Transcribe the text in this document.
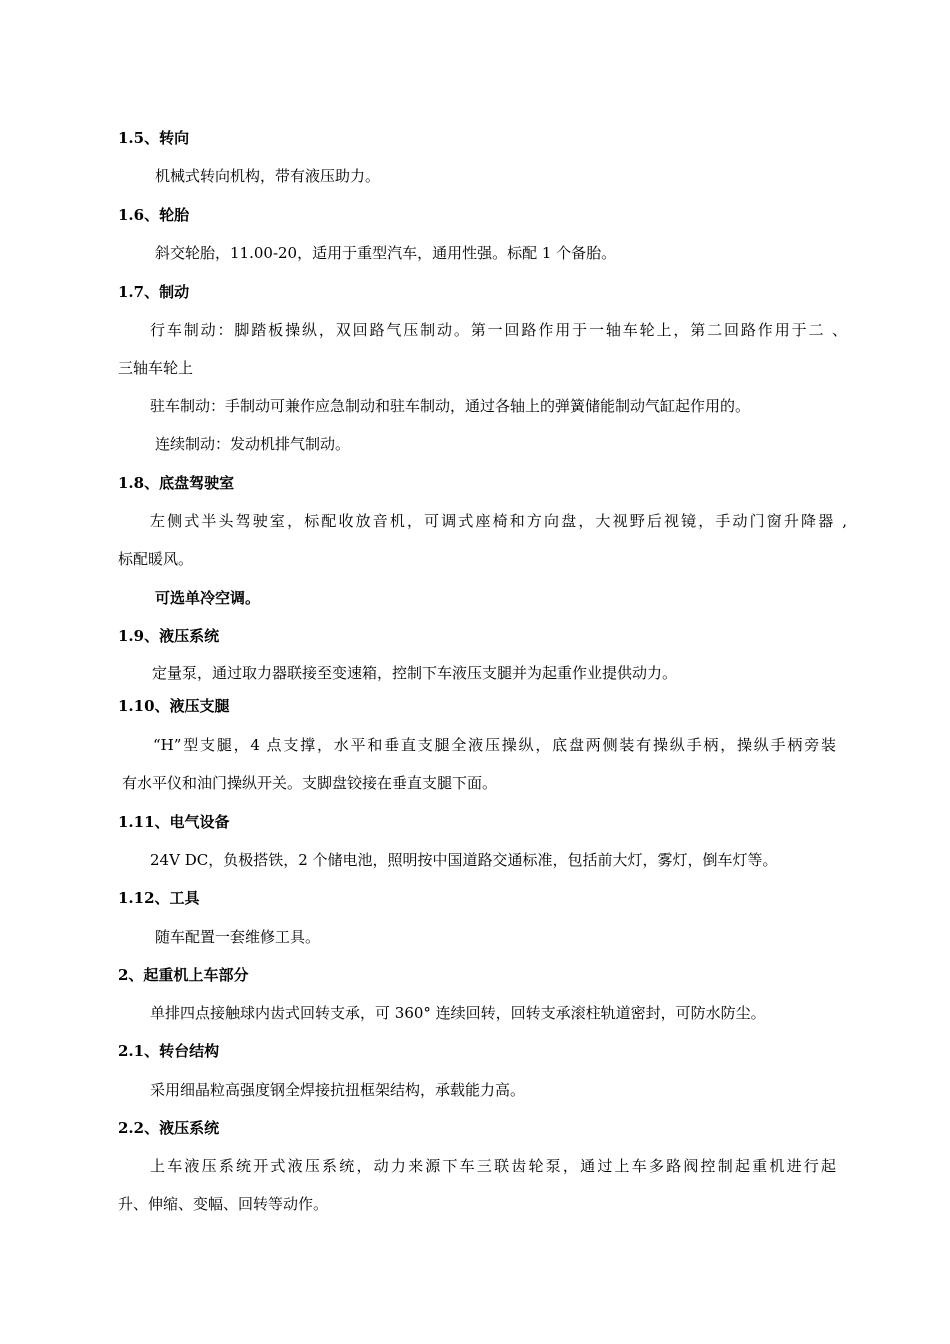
1.5、转向
机械式转向机构，带有液压助力。
1.6、轮胎
斜交轮胎，11.00-20，适用于重型汽车，通用性强。标配 1 个备胎。
1.7、制动
行车制动：脚踏板操纵，双回路气压制动。第一回路作用于一轴车轮上，第二回路作用于二 、
三轴车轮上
驻车制动：手制动可兼作应急制动和驻车制动，通过各轴上的弹簧储能制动气缸起作用的。
连续制动：发动机排气制动。
1.8、底盘驾驶室
左侧式半头驾驶室，标配收放音机，可调式座椅和方向盘，大视野后视镜，手动门窗升降器 ,
标配暖风。
可选单冷空调。
1.9、液压系统
定量泵，通过取力器联接至变速箱，控制下车液压支腿并为起重作业提供动力。
1.10、液压支腿
“H”型支腿，4 点支撑，水平和垂直支腿全液压操纵，底盘两侧装有操纵手柄，操纵手柄旁装
有水平仪和油门操纵开关。支脚盘铰接在垂直支腿下面。
1.11、电气设备
24V DC，负极搭铁，2 个储电池，照明按中国道路交通标准，包括前大灯，雾灯，倒车灯等。
1.12、工具
随车配置一套维修工具。
2、起重机上车部分
单排四点接触球内齿式回转支承，可 360° 连续回转，回转支承滚柱轨道密封，可防水防尘。
2.1、转台结构
采用细晶粒高强度钢全焊接抗扭框架结构，承载能力高。
2.2、液压系统
上车液压系统开式液压系统，动力来源下车三联齿轮泵，通过上车多路阀控制起重机进行起
升、伸缩、变幅、回转等动作。
